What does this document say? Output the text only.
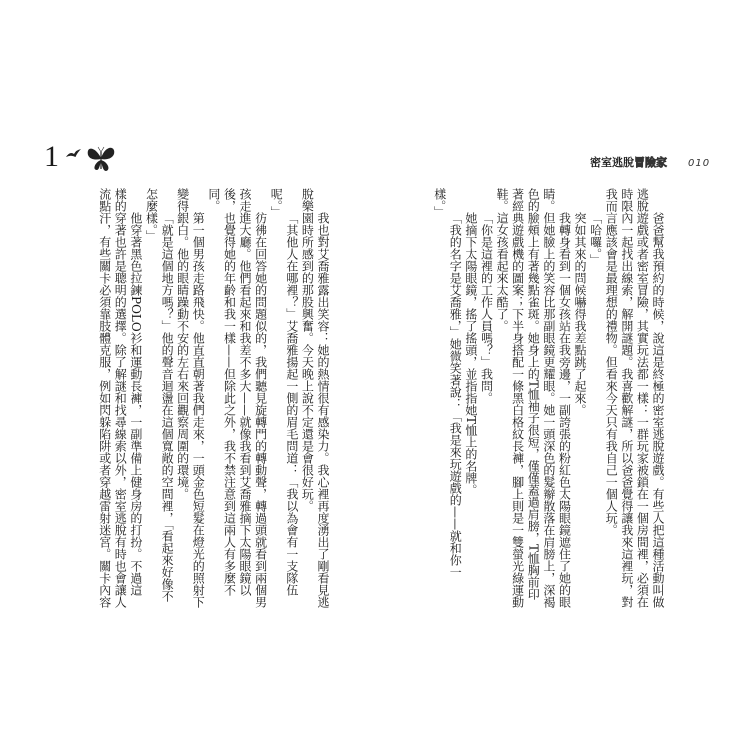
1
我也對艾喬雅露出笑容：她的熱情很有感染力。我心裡再度湧出了剛看見逃
脫樂園時所感到的那股興奮。今天晚上說不定還是會很好玩。
「其他人在哪裡？」艾喬雅揚起一側的眉毛問道：「我以為會有一支隊伍
呢。」
彷彿在回答她的問題似的，我們聽見旋轉門的轉動聲，轉過頭就看到兩個男
孩走進大廳。他們看起來和我差不多大——就像我看到艾喬雅摘下太陽眼鏡以
後，也覺得她的年齡和我一樣——但除此之外，我不禁注意到這兩人有多麼不
同。
第一個男孩走路飛快。他直直朝著我們走來，一頭金色短髮在燈光的照射下
變得銀白。他的眼睛躁動不安的左右來回觀察周圍的環境。
「就是這個地方嗎？」他的聲音迴盪在這個寬敞的空間裡，「看起來好像不
怎麼樣。」
他穿著黑色拉鍊POLO衫和運動長褲，一副準備上健身房的打扮。不過這
樣的穿著也許是聰明的選擇。除了解謎和找尋線索以外，密室逃脫有時也會讓人
流點汗，有些關卡必須靠肢體克服，例如閃躲陷阱或者穿越雷射迷宮。關卡內容
密室逃脫冒險家 010
爸爸幫我預約的時候，說這是終極的密室逃脫遊戲。有些人把這種活動叫做
逃脫遊戲或者密室冒險，其實玩法都一樣：一群玩家被鎖在一個房間裡，必須在
時限內一起找出線索，解開謎題。我喜歡解謎，所以爸爸覺得讓我來這裡玩，對
我而言應該會是最理想的禮物。但看來今天只有我自己一個人玩。
「哈囉。」
突如其來的問候嚇得我差點跳了起來。
我轉身看到一個女孩站在我旁邊，一副誇張的粉紅色太陽眼鏡遮住了她的眼
睛。但她臉上的笑容比那副眼鏡更耀眼。她一頭深色的髮辮散落在肩膀上，深褐
色的臉頰上有著幾點雀斑。她身上的T恤袖子很短，僅僅蓋過肩膀，T恤胸前印
著經典遊戲機的圖案；下半身搭配一條黑白格紋長褲，腳上則是一雙螢光綠運動
鞋。這女孩看起來太酷了。
「你是這裡的工作人員嗎？」我問。
她摘下太陽眼鏡，搖了搖頭，並指指她T恤上的名牌。
「我的名字是艾喬雅，」她微笑著說：「我是來玩遊戲的——就和你一
樣。」
